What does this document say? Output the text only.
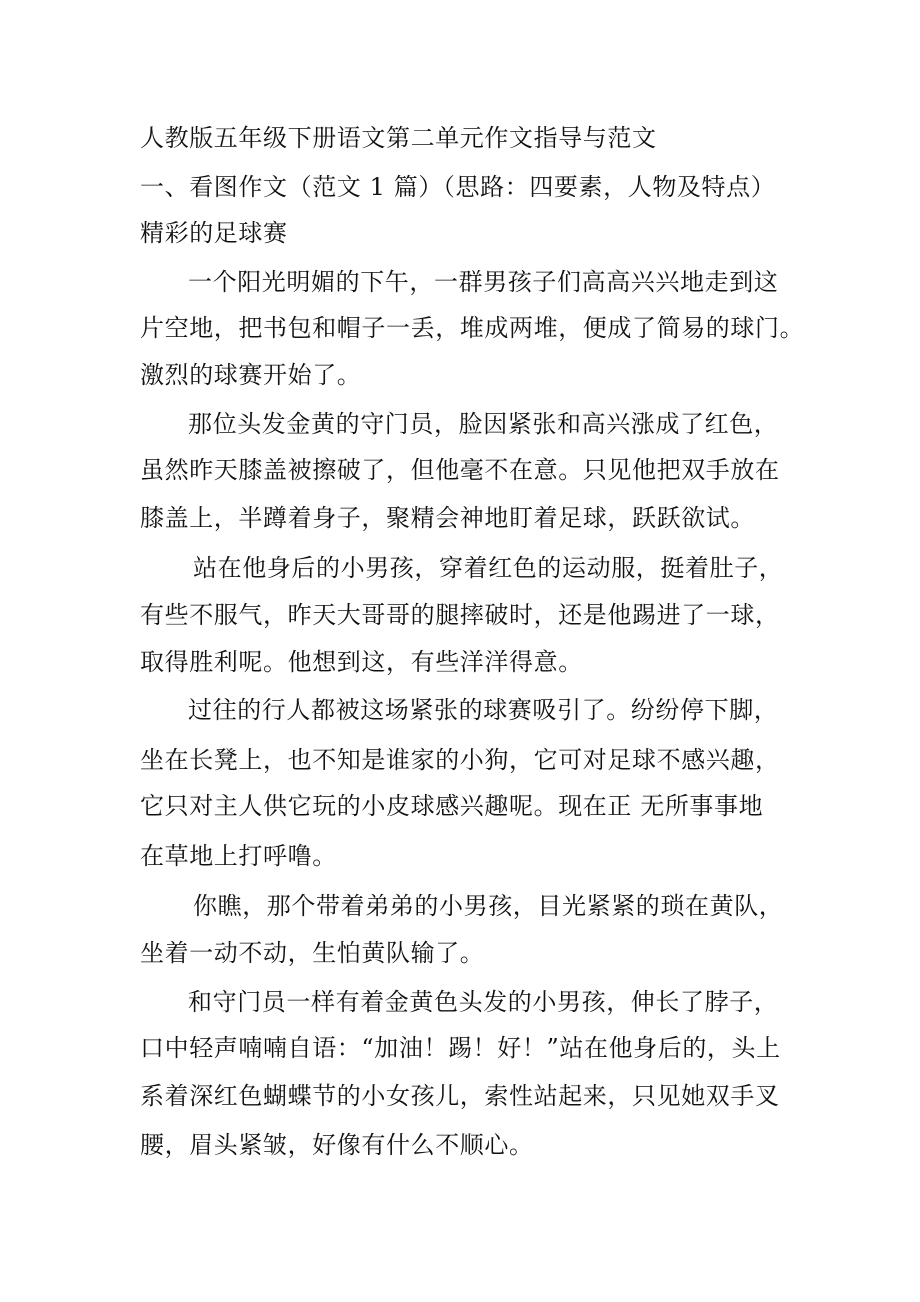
人教版五年级下册语文第二单元作文指导与范文
一、看图作文（范文 1 篇）（思路：四要素，人物及特点）
精彩的足球赛
一个阳光明媚的下午，一群男孩子们高高兴兴地走到这
片空地，把书包和帽子一丢，堆成两堆，便成了简易的球门。
激烈的球赛开始了。
那位头发金黄的守门员，脸因紧张和高兴涨成了红色，
虽然昨天膝盖被擦破了，但他毫不在意。只见他把双手放在
膝盖上，半蹲着身子，聚精会神地盯着足球，跃跃欲试。
站在他身后的小男孩，穿着红色的运动服，挺着肚子，
有些不服气，昨天大哥哥的腿摔破时，还是他踢进了一球，
取得胜利呢。他想到这，有些洋洋得意。
过往的行人都被这场紧张的球赛吸引了。纷纷停下脚，
坐在长凳上，也不知是谁家的小狗，它可对足球不感兴趣，
它只对主人供它玩的小皮球感兴趣呢。现在正 无所事事地
在草地上打呼噜。
你瞧，那个带着弟弟的小男孩，目光紧紧的琐在黄队，
坐着一动不动，生怕黄队输了。
和守门员一样有着金黄色头发的小男孩，伸长了脖子，
口中轻声喃喃自语：“加油！踢！好！”站在他身后的，头上
系着深红色蝴蝶节的小女孩儿，索性站起来，只见她双手叉
腰，眉头紧皱，好像有什么不顺心。
